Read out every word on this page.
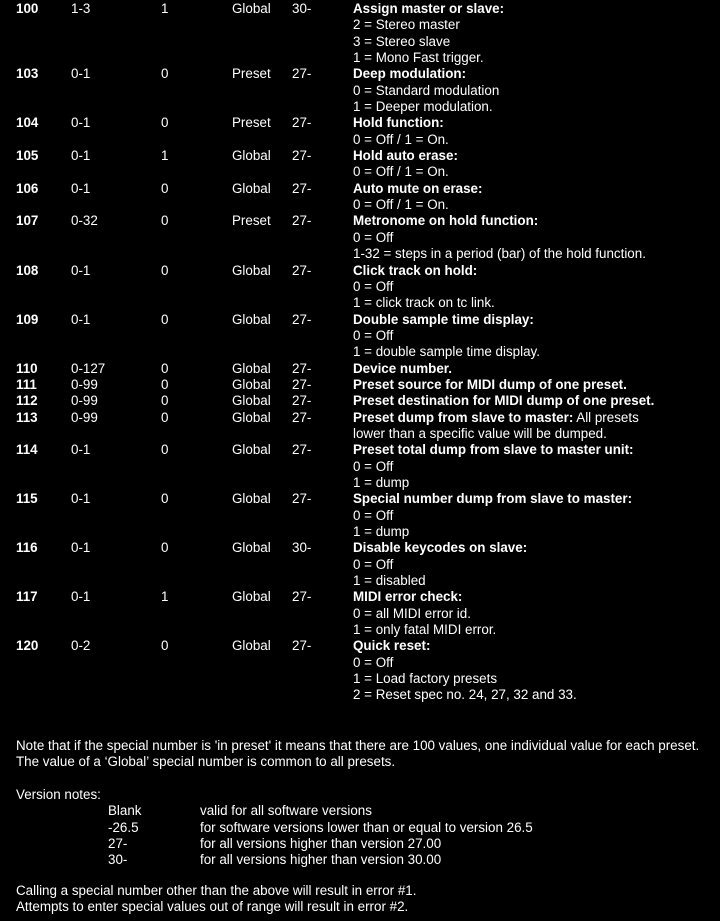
100 1-3	1	Global 30-	Assign master or slave:
2 = Stereo master
3 = Stereo slave
1 = Mono Fast trigger.
103 0-1	0	Preset 27-	Deep modulation:
0 = Standard modulation
1 = Deeper modulation.
104 0-1	0	Preset 27-	Hold function:
0 = Off / 1 = On.
105 0-1	1	Global 27-	Hold auto erase:
0 = Off / 1 = On.
106 0-1	0	Global 27-	Auto mute on erase:
0 = Off / 1 = On.
107 0-32	0	Preset 27-	Metronome on hold function:
0 = Off
1-32 = steps in a period (bar) of the hold function.
108 0-1	0	Global 27-	Click track on hold:
0 = Off
1 = click track on tc link.
109 0-1	0	Global 27-	Double sample time display:
0 = Off
1 = double sample time display.
110 0-127	0	Global 27-	Device number.
111	0-99	0	Global 27-	Preset source for MIDI dump of one preset.
112 0-99	0	Global 27-	Preset destination for MIDI dump of one preset.
113 0-99	0	Global 27-	Preset dump from slave to master: All presets
lower than a specific value will be dumped.
114 0-1	0	Global 27-	Preset total dump from slave to master unit:
0 = Off
1 = dump
115 0-1	0	Global 27-	Special number dump from slave to master:
0 = Off
1 = dump
116 0-1	0	Global 30-	Disable keycodes on slave:
0 = Off
1 = disabled
117 0-1	1	Global 27-	MIDI error check:
0 = all MIDI error id.
1 = only fatal MIDI error.
120 0-2	0	Global 27-	Quick reset:
0 = Off
1 = Load factory presets
2 = Reset spec no. 24, 27, 32 and 33.
Note that if the special number is 'in preset' it means that there are 100 values, one individual value for each preset. The value of a ‘Global’ special number is common to all presets.
Version notes:
Blank	valid for all software versions
-26.5	for software versions lower than or equal to version 26.5
27-	for all versions higher than version 27.00
30-	for all versions higher than version 30.00
Calling a special number other than the above will result in error #1.
Attempts to enter special values out of range will result in error #2.
